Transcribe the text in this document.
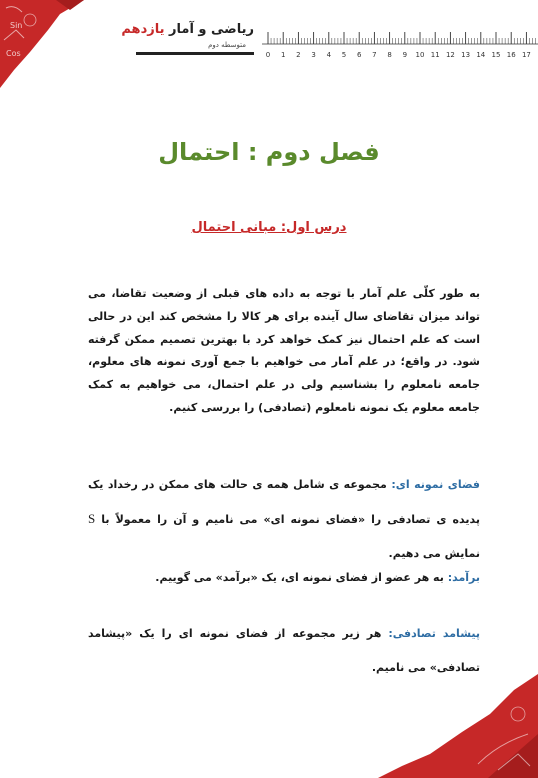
Sin
Cos
ریاضی و آمار یازدهم
متوسطه دوم
0 1 2 3 4 5 6 7 8 9 10 11 12 13 14 15 16 17
فصل دوم : احتمال
درس اول: مبانی احتمال
به طور کلّی علم آمار با توجه به داده های قبلی از وضعیت تقاضا، می تواند میزان تقاضای سال آینده برای هر کالا را مشخص کند این در حالی است که علم احتمال نیز کمک خواهد کرد با بهترین تصمیم ممکن گرفته شود. در واقع؛ در علم آمار می خواهیم با جمع آوری نمونه های معلوم، جامعه نامعلوم را بشناسیم ولی در علم احتمال، می خواهیم به کمک جامعه معلوم یک نمونه نامعلوم (تصادفی) را بررسی کنیم.
فضای نمونه ای: مجموعه ی شامل همه ی حالت های ممکن در رخداد یک پدیده ی تصادفی را «فضای نمونه ای» می نامیم و آن را معمولاً با S نمایش می دهیم.
برآمد: به هر عضو از فضای نمونه ای، یک «برآمد» می گوییم.
پیشامد تصادفی: هر زیر مجموعه از فضای نمونه ای را یک «پیشامد تصادفی» می نامیم.
